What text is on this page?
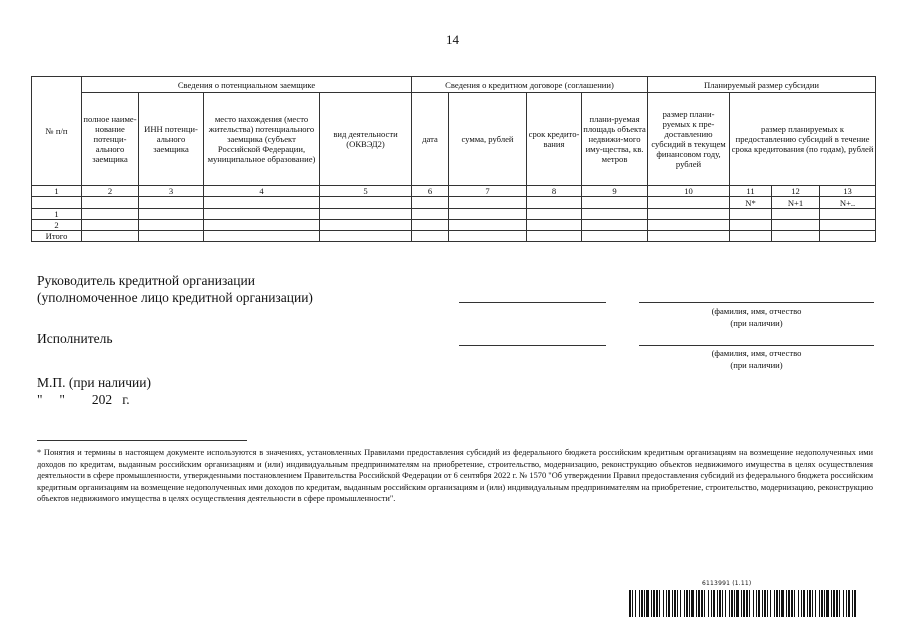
14
№ п/п	Сведения о потенциальном заемщике				Сведения о кредитном договоре (соглашении)				Планируемый размер субсидии			
	полное наиме-нование потенци-ального заемщика	ИНН потенци-ального заемщика	место нахождения (место жительства) потенциального заемщика (субъект Российской Федерации, муниципальное образование)	вид деятельности (ОКВЭД2)	дата	сумма, рублей	срок кредито-вания	плани-руемая площадь объекта недвижи-мого иму-щества, кв. метров	размер плани-руемых к пре-доставлению субсидий в текущем финансовом году, рублей	размер планируемых к предоставлению субсидий в течение срока кредитования (по годам), рублей		
1	2	3	4	5	6	7	8	9	10	11	12	13
										N*	N+1	N+..
1												
2												
Итого												
Руководитель кредитной организации
(уполномоченное лицо кредитной организации)
(фамилия, имя, отчество
(при наличии)
Исполнитель
(фамилия, имя, отчество
(при наличии)
М.П. (при наличии)
"     "        202   г.
* Понятия и термины в настоящем документе используются в значениях, установленных Правилами предоставления субсидий из федерального бюджета российским кредитным организациям на возмещение недополученных ими доходов по кредитам, выданным российским организациям и (или) индивидуальным предпринимателям на приобретение, строительство, модернизацию, реконструкцию объектов недвижимого имущества в целях осуществления деятельности в сфере промышленности, утвержденными постановлением Правительства Российской Федерации от 6 сентября 2022 г. № 1570 "Об утверждении Правил предоставления субсидий из федерального бюджета российским кредитным организациям на возмещение недополученных ими доходов по кредитам, выданным российским организациям и (или) индивидуальным предпринимателям на приобретение, строительство, модернизацию, реконструкцию объектов недвижимого имущества в целях осуществления деятельности в сфере промышленности".
6113991 (1.11)
